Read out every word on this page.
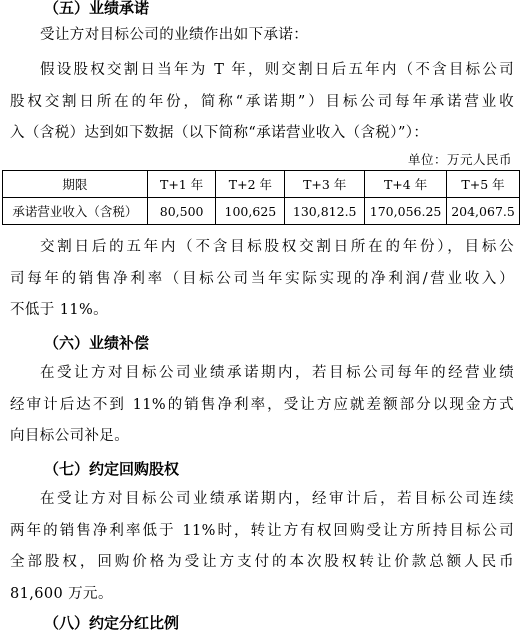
（五）业绩承诺
受让方对目标公司的业绩作出如下承诺：
假设股权交割日当年为 T 年，则交割日后五年内（不含目标公司
股权交割日所在的年份，简称“承诺期”）目标公司每年承诺营业收
入（含税）达到如下数据（以下简称“承诺营业收入（含税）”）：
单位：万元人民币
期限	T+1 年	T+2 年	T+3 年	T+4 年	T+5 年
承诺营业收入（含税）	80,500	100,625	130,812.5	170,056.25	204,067.5
交割日后的五年内（不含目标股权交割日所在的年份），目标公
司每年的销售净利率（目标公司当年实际实现的净利润/营业收入）
不低于 11%。
（六）业绩补偿
在受让方对目标公司业绩承诺期内，若目标公司每年的经营业绩
经审计后达不到 11%的销售净利率，受让方应就差额部分以现金方式
向目标公司补足。
（七）约定回购股权
在受让方对目标公司业绩承诺期内，经审计后，若目标公司连续
两年的销售净利率低于 11%时，转让方有权回购受让方所持目标公司
全部股权，回购价格为受让方支付的本次股权转让价款总额人民币
81,600 万元。
（八）约定分红比例
